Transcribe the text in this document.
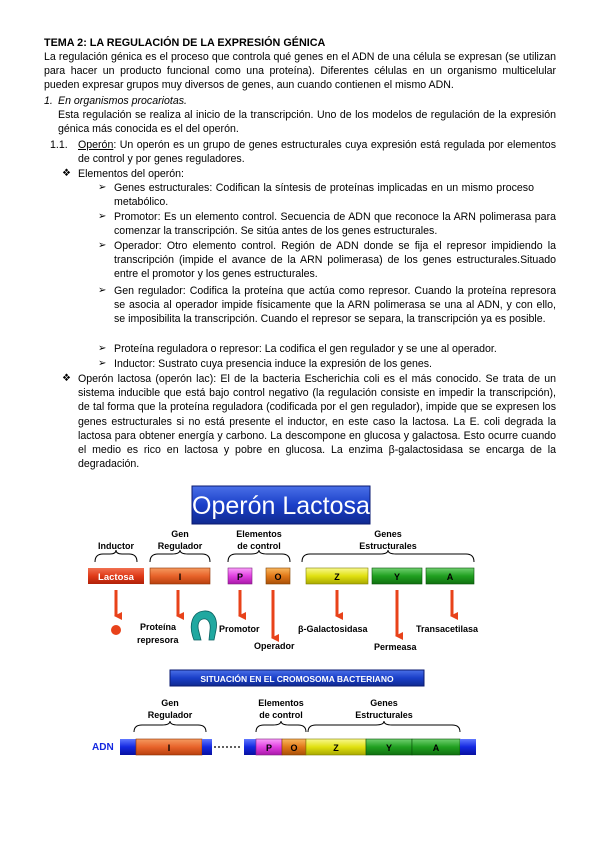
TEMA 2: LA REGULACIÓN DE LA EXPRESIÓN GÉNICA
La regulación génica es el proceso que controla qué genes en el ADN de una célula se expresan (se utilizan para hacer un producto funcional como una proteína). Diferentes células en un organismo multicelular pueden expresar grupos muy diversos de genes, aun cuando contienen el mismo ADN.
1. En organismos procariotas.
Esta regulación se realiza al inicio de la transcripción. Uno de los modelos de regulación de la expresión génica más conocida es el del operón.
1.1. Operón: Un operón es un grupo de genes estructurales cuya expresión está regulada por elementos de control y por genes reguladores.
❖ Elementos del operón:
➢ Genes estructurales: Codifican la síntesis de proteínas implicadas en un mismo proceso metabólico.
➢ Promotor: Es un elemento control. Secuencia de ADN que reconoce la ARN polimerasa para comenzar la transcripción. Se sitúa antes de los genes estructurales.
➢ Operador: Otro elemento control. Región de ADN donde se fija el represor impidiendo la transcripción (impide el avance de la ARN polimerasa) de los genes estructurales.Situado entre el promotor y los genes estructurales.
➢ Gen regulador: Codifica la proteína que actúa como represor. Cuando la proteína represora se asocia al operador impide físicamente que la ARN polimerasa se una al ADN, y con ello, se imposibilita la transcripción. Cuando el represor se separa, la transcripción ya es posible.
➢ Proteína reguladora o represor: La codifica el gen regulador y se une al operador.
➢ Inductor: Sustrato cuya presencia induce la expresión de los genes.
❖ Operón lactosa (operón lac): El de la bacteria Escherichia coli es el más conocido. Se trata de un sistema inducible que está bajo control negativo (la regulación consiste en impedir la transcripción), de tal forma que la proteína reguladora (codificada por el gen regulador), impide que se expresen los genes estructurales si no está presente el inductor, en este caso la lactosa. La E. coli degrada la lactosa para obtener energía y carbono. La descompone en glucosa y galactosa. Esto ocurre cuando el medio es rico en lactosa y pobre en glucosa. La enzima β-galactosidasa se encarga de la degradación.
Operón Lactosa
Inductor
Gen
Regulador
Elementos
de control
Genes
Estructurales
Lactosa	I	P	O	Z	Y	A
Proteína
represora
Promotor
Operador
β-Galactosidasa
Permeasa
Transacetilasa
SITUACIÓN EN EL CROMOSOMA BACTERIANO
Gen
Regulador
Elementos
de control
Genes
Estructurales
ADN	I	P O	Z	Y	A
